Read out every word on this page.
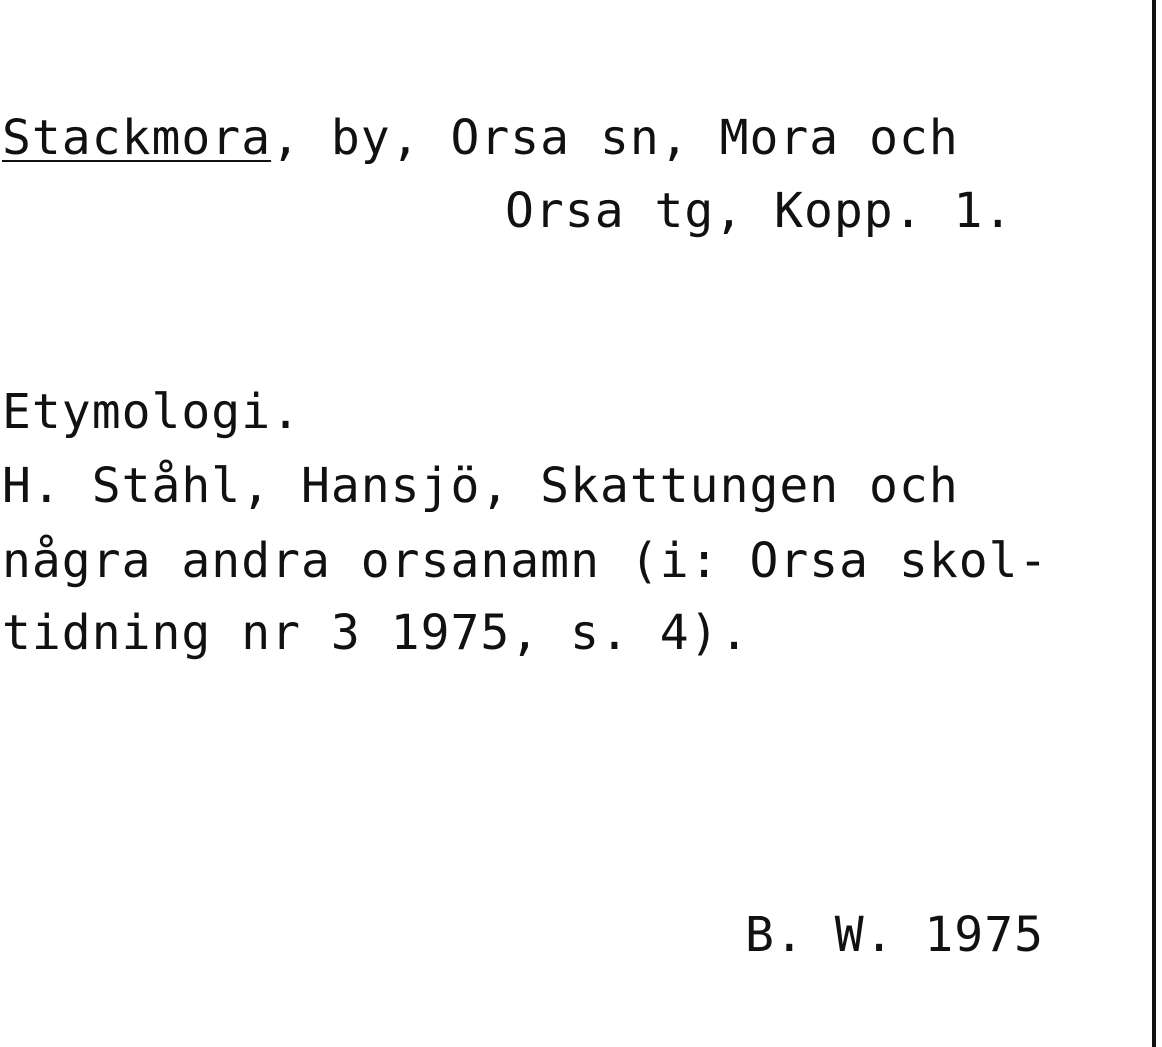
Stackmora, by, Orsa sn, Mora och
Orsa tg, Kopp. 1.
Etymologi.
H. Ståhl, Hansjö, Skattungen och
några andra orsanamn (i: Orsa skol-
tidning nr 3 1975, s. 4).
B. W. 1975
